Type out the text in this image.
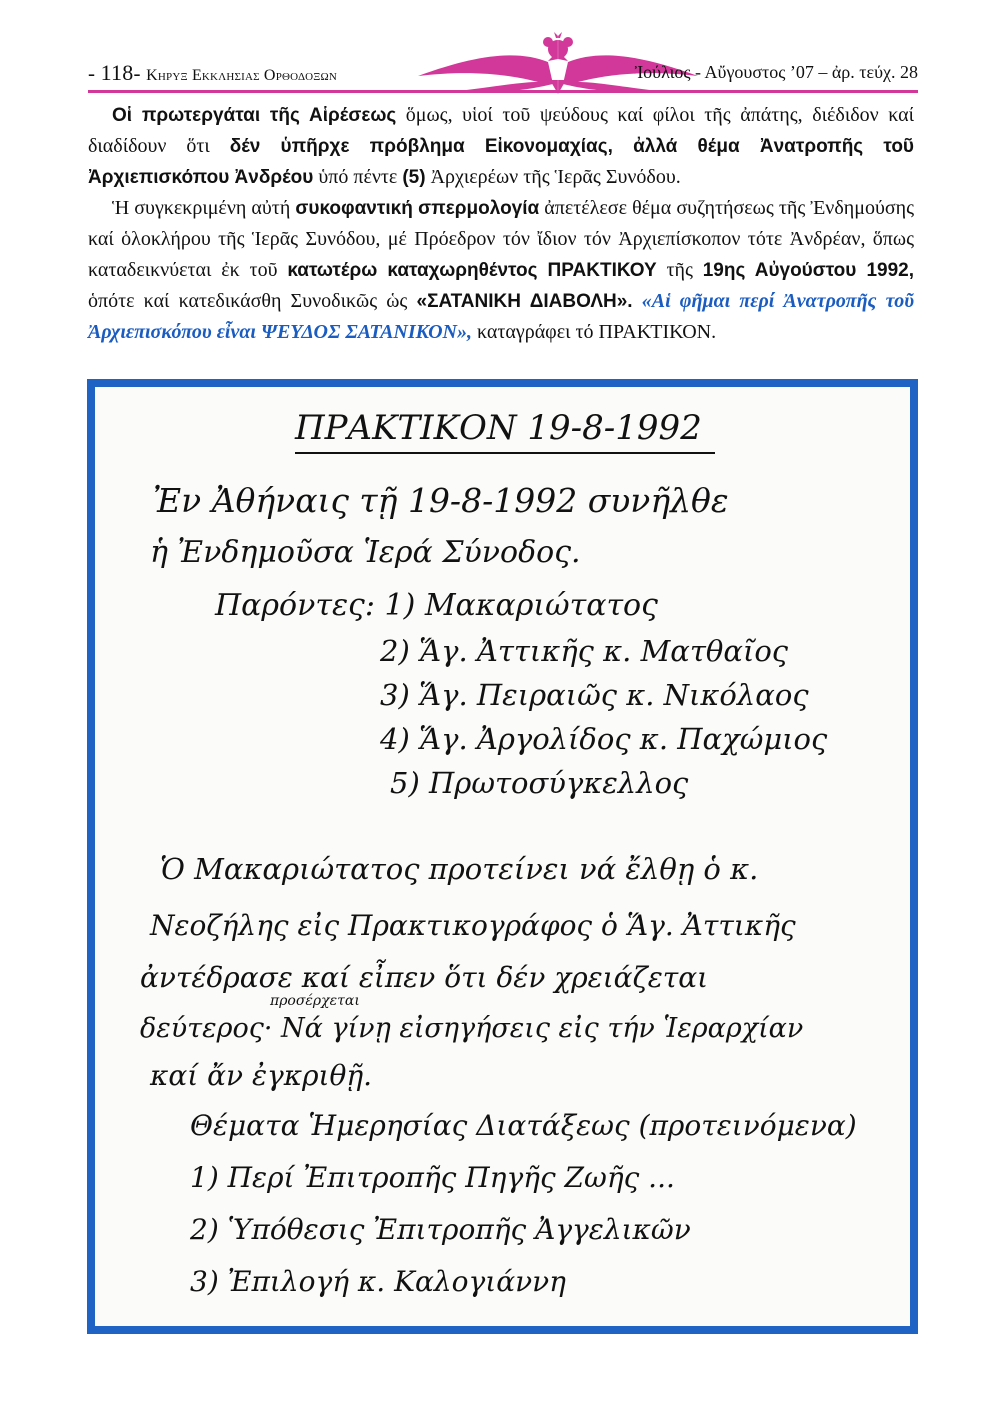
- 118- Κηρυξ Εκκλησιας Ορθοδοξων	Ἰούλιος - Αὔγουστος ’07 – ἀρ. τεύχ. 28

Οἱ πρωτεργάται τῆς Αἱρέσεως ὅμως, υἱοί τοῦ ψεύδους καί φίλοι τῆς ἀπάτης, διέδιδον καί διαδίδουν ὅτι δέν ὑπῆρχε πρόβλημα Εἰκονομαχίας, ἀλλά θέμα Ἀνατροπῆς τοῦ Ἀρχιεπισκόπου Ἀνδρέου ὑπό πέντε (5) Ἀρχιερέων τῆς Ἱερᾶς Συνόδου.

Ἡ συγκεκριμένη αὐτή συκοφαντική σπερμολογία ἀπετέλεσε θέμα συζητήσεως τῆς Ἐνδημούσης καί ὁλοκλήρου τῆς Ἱερᾶς Συνόδου, μέ Πρόεδρον τόν ἴδιον τόν Ἀρχιεπίσκοπον τότε Ἀνδρέαν, ὅπως καταδεικνύεται ἐκ τοῦ κατωτέρω καταχωρηθέντος ΠΡΑΚΤΙΚΟΥ τῆς 19ης Αὐγούστου 1992, ὁπότε καί κατεδικάσθη Συνοδικῶς ὡς «ΣΑΤΑΝΙΚΗ ΔΙΑΒΟΛΗ». «Αἱ φῆμαι περί Ἀνατροπῆς τοῦ Ἀρχιεπισκόπου εἶναι ΨΕΥΔΟΣ ΣΑΤΑΝΙΚΟΝ», καταγράφει τό ΠΡΑΚΤΙΚΟΝ.

ΠΡΑΚΤΙΚΟΝ 19-8-1992
Ἐν Ἀθήναις τῇ 19-8-1992 συνῆλθε
ἡ Ἐνδημοῦσα Ἱερά Σύνοδος.
Παρόντες: 1) Μακαριώτατος
2) Ἅγ. Ἀττικῆς κ. Ματθαῖος
3) Ἅγ. Πειραιῶς κ. Νικόλαος
4) Ἅγ. Ἀργολίδος κ. Παχώμιος
5) Πρωτοσύγκελλος
Ὁ Μακαριώτατος προτείνει νά ἔλθῃ ὁ κ.
Νεοζήλης εἰς Πρακτικογράφος ὁ Ἅγ. Ἀττικῆς
ἀντέδρασε καί εἶπεν ὅτι δέν χρειάζεται
προσέρχεται
δεύτερος· Νά γίνῃ εἰσηγήσεις εἰς τήν Ἱεραρχίαν
καί ἄν ἐγκριθῇ.
Θέματα Ἡμερησίας Διατάξεως (προτεινόμενα)
1) Περί Ἐπιτροπῆς Πηγῆς Ζωῆς ...
2) Ὑπόθεσις Ἐπιτροπῆς Ἀγγελικῶν
3) Ἐπιλογή κ. Καλογιάννη
